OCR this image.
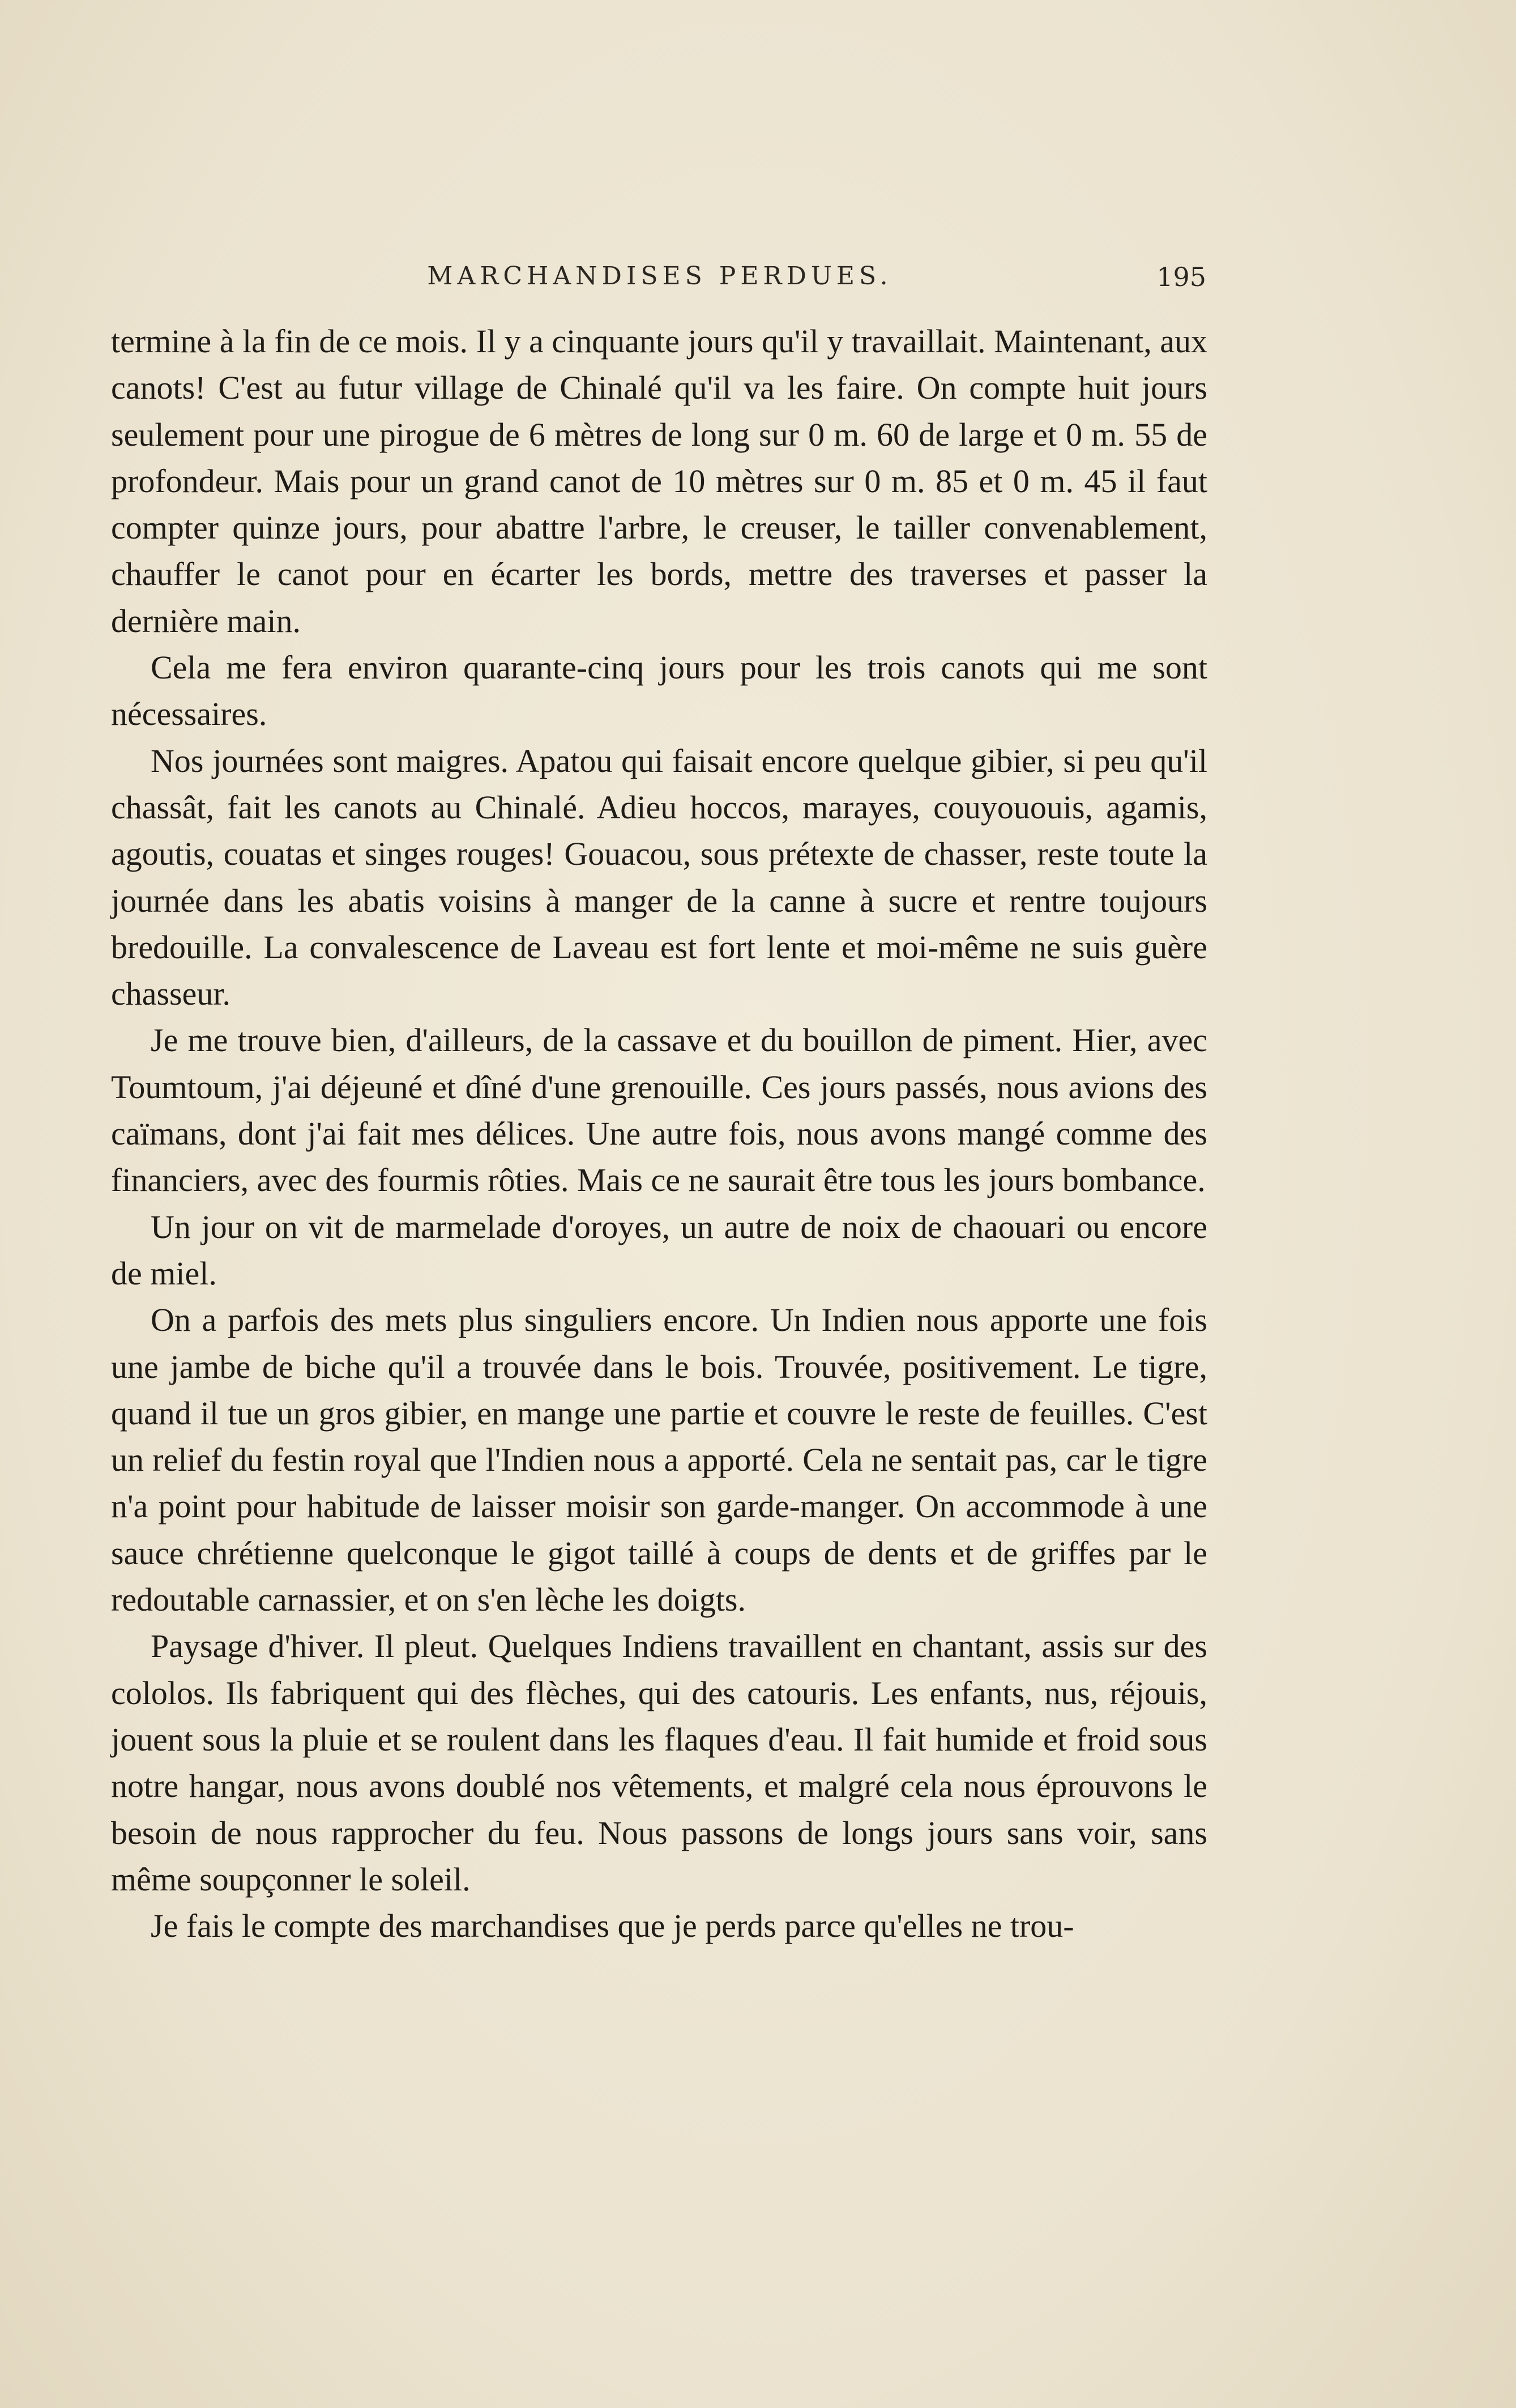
MARCHANDISES PERDUES.	195

termine à la fin de ce mois. Il y a cinquante jours qu'il y travaillait. Maintenant, aux canots! C'est au futur village de Chinalé qu'il va les faire. On compte huit jours seulement pour une pirogue de 6 mètres de long sur 0 m. 60 de large et 0 m. 55 de profondeur. Mais pour un grand canot de 10 mètres sur 0 m. 85 et 0 m. 45 il faut compter quinze jours, pour abattre l'arbre, le creuser, le tailler convenablement, chauffer le canot pour en écarter les bords, mettre des traverses et passer la dernière main.

Cela me fera environ quarante-cinq jours pour les trois canots qui me sont nécessaires.

Nos journées sont maigres. Apatou qui faisait encore quelque gibier, si peu qu'il chassât, fait les canots au Chinalé. Adieu hoccos, marayes, couyououis, agamis, agoutis, couatas et singes rouges! Gouacou, sous prétexte de chasser, reste toute la journée dans les abatis voisins à manger de la canne à sucre et rentre toujours bredouille. La convalescence de Laveau est fort lente et moi-même ne suis guère chasseur.

Je me trouve bien, d'ailleurs, de la cassave et du bouillon de piment. Hier, avec Toumtoum, j'ai déjeuné et dîné d'une grenouille. Ces jours passés, nous avions des caïmans, dont j'ai fait mes délices. Une autre fois, nous avons mangé comme des financiers, avec des fourmis rôties. Mais ce ne saurait être tous les jours bombance.

Un jour on vit de marmelade d'oroyes, un autre de noix de chaouari ou encore de miel.

On a parfois des mets plus singuliers encore. Un Indien nous apporte une fois une jambe de biche qu'il a trouvée dans le bois. Trouvée, positivement. Le tigre, quand il tue un gros gibier, en mange une partie et couvre le reste de feuilles. C'est un relief du festin royal que l'Indien nous a apporté. Cela ne sentait pas, car le tigre n'a point pour habitude de laisser moisir son garde-manger. On accommode à une sauce chrétienne quelconque le gigot taillé à coups de dents et de griffes par le redoutable carnassier, et on s'en lèche les doigts.

Paysage d'hiver. Il pleut. Quelques Indiens travaillent en chantant, assis sur des cololos. Ils fabriquent qui des flèches, qui des catouris. Les enfants, nus, réjouis, jouent sous la pluie et se roulent dans les flaques d'eau. Il fait humide et froid sous notre hangar, nous avons doublé nos vêtements, et malgré cela nous éprouvons le besoin de nous rapprocher du feu. Nous passons de longs jours sans voir, sans même soupçonner le soleil.

Je fais le compte des marchandises que je perds parce qu'elles ne trou-
